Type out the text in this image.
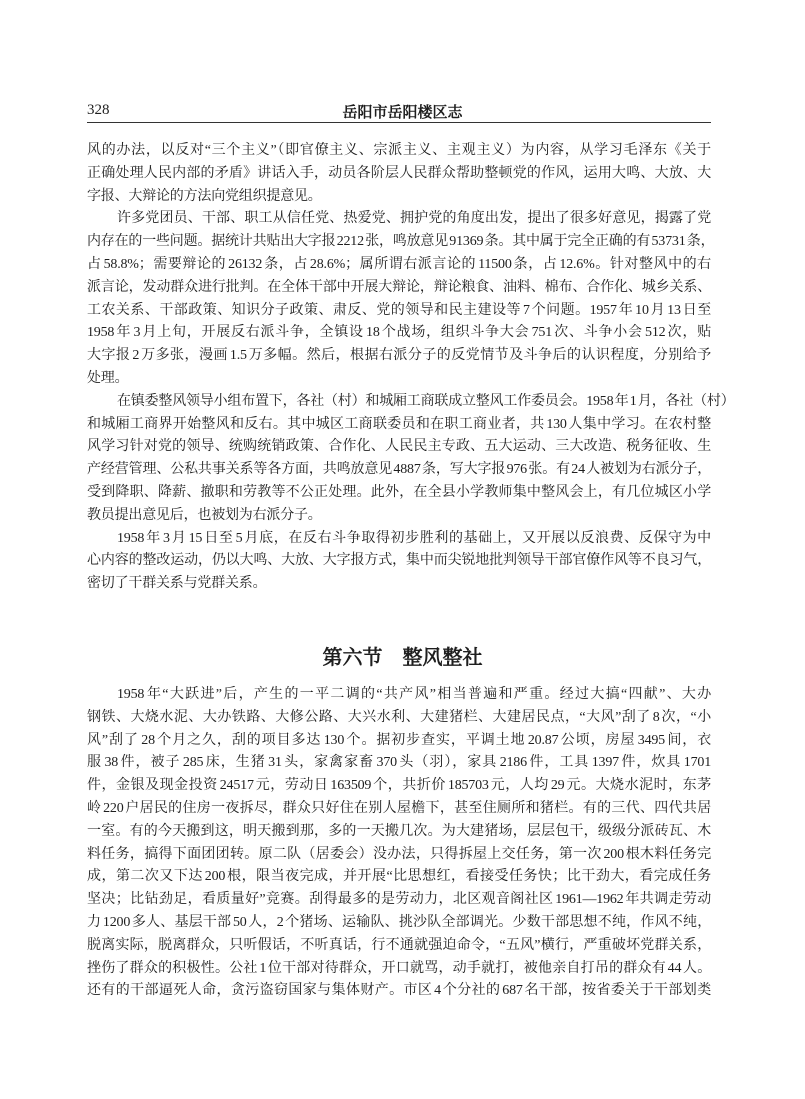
328	岳阳市岳阳楼区志
风的办法，以反对“三个主义”（即官僚主义、宗派主义、主观主义）为内容，从学习毛泽东《关于
正确处理人民内部的矛盾》讲话入手，动员各阶层人民群众帮助整顿党的作风，运用大鸣、大放、大
字报、大辩论的方法向党组织提意见。
许多党团员、干部、职工从信任党、热爱党、拥护党的角度出发，提出了很多好意见，揭露了党
内存在的一些问题。据统计共贴出大字报 2212 张，鸣放意见 91369 条。其中属于完全正确的有 53731 条，
占 58.8%；需要辩论的 26132 条，占 28.6%；属所谓右派言论的 11500 条，占 12.6%。针对整风中的右
派言论，发动群众进行批判。在全体干部中开展大辩论，辩论粮食、油料、棉布、合作化、城乡关系、
工农关系、干部政策、知识分子政策、肃反、党的领导和民主建设等 7 个问题。1957 年 10 月 13 日至
1958 年 3 月上旬，开展反右派斗争，全镇设 18 个战场，组织斗争大会 751 次、斗争小会 512 次，贴
大字报 2 万多张，漫画 1.5 万多幅。然后，根据右派分子的反党情节及斗争后的认识程度，分别给予
处理。
在镇委整风领导小组布置下，各社（村）和城厢工商联成立整风工作委员会。1958 年 1 月，各社（村）
和城厢工商界开始整风和反右。其中城区工商联委员和在职工商业者，共 130 人集中学习。在农村整
风学习针对党的领导、统购统销政策、合作化、人民民主专政、五大运动、三大改造、税务征收、生
产经营管理、公私共事关系等各方面，共鸣放意见 4887 条，写大字报 976 张。有 24 人被划为右派分子，
受到降职、降薪、撤职和劳教等不公正处理。此外，在全县小学教师集中整风会上，有几位城区小学
教员提出意见后，也被划为右派分子。
1958 年 3 月 15 日至 5 月底，在反右斗争取得初步胜利的基础上，又开展以反浪费、反保守为中
心内容的整改运动，仍以大鸣、大放、大字报方式，集中而尖锐地批判领导干部官僚作风等不良习气，
密切了干群关系与党群关系。
第六节　整风整社
1958 年“大跃进”后，产生的一平二调的“共产风”相当普遍和严重。经过大搞“四献”、大办
钢铁、大烧水泥、大办铁路、大修公路、大兴水利、大建猪栏、大建居民点，“大风”刮了 8 次，“小
风”刮了 28 个月之久，刮的项目多达 130 个。据初步查实，平调土地 20.87 公顷，房屋 3495 间，衣
服 38 件，被子 285 床，生猪 31 头，家禽家畜 370 头（羽），家具 2186 件，工具 1397 件，炊具 1701
件，金银及现金投资 24517 元，劳动日 163509 个，共折价 185703 元，人均 29 元。大烧水泥时，东茅
岭 220 户居民的住房一夜拆尽，群众只好住在别人屋檐下，甚至住厕所和猪栏。有的三代、四代共居
一室。有的今天搬到这，明天搬到那，多的一天搬几次。为大建猪场，层层包干，级级分派砖瓦、木
料任务，搞得下面团团转。原二队（居委会）没办法，只得拆屋上交任务，第一次 200 根木料任务完
成，第二次又下达 200 根，限当夜完成，并开展“比思想红，看接受任务快；比干劲大，看完成任务
坚决；比钻劲足，看质量好”竞赛。刮得最多的是劳动力，北区观音阁社区 1961—1962 年共调走劳动
力 1200 多人、基层干部 50 人，2 个猪场、运输队、挑沙队全部调光。少数干部思想不纯，作风不纯，
脱离实际，脱离群众，只听假话，不听真话，行不通就强迫命令，“五风”横行，严重破坏党群关系，
挫伤了群众的积极性。公社 1 位干部对待群众，开口就骂，动手就打，被他亲自打吊的群众有 44 人。
还有的干部逼死人命，贪污盗窃国家与集体财产。市区 4 个分社的 687 名干部，按省委关于干部划类
